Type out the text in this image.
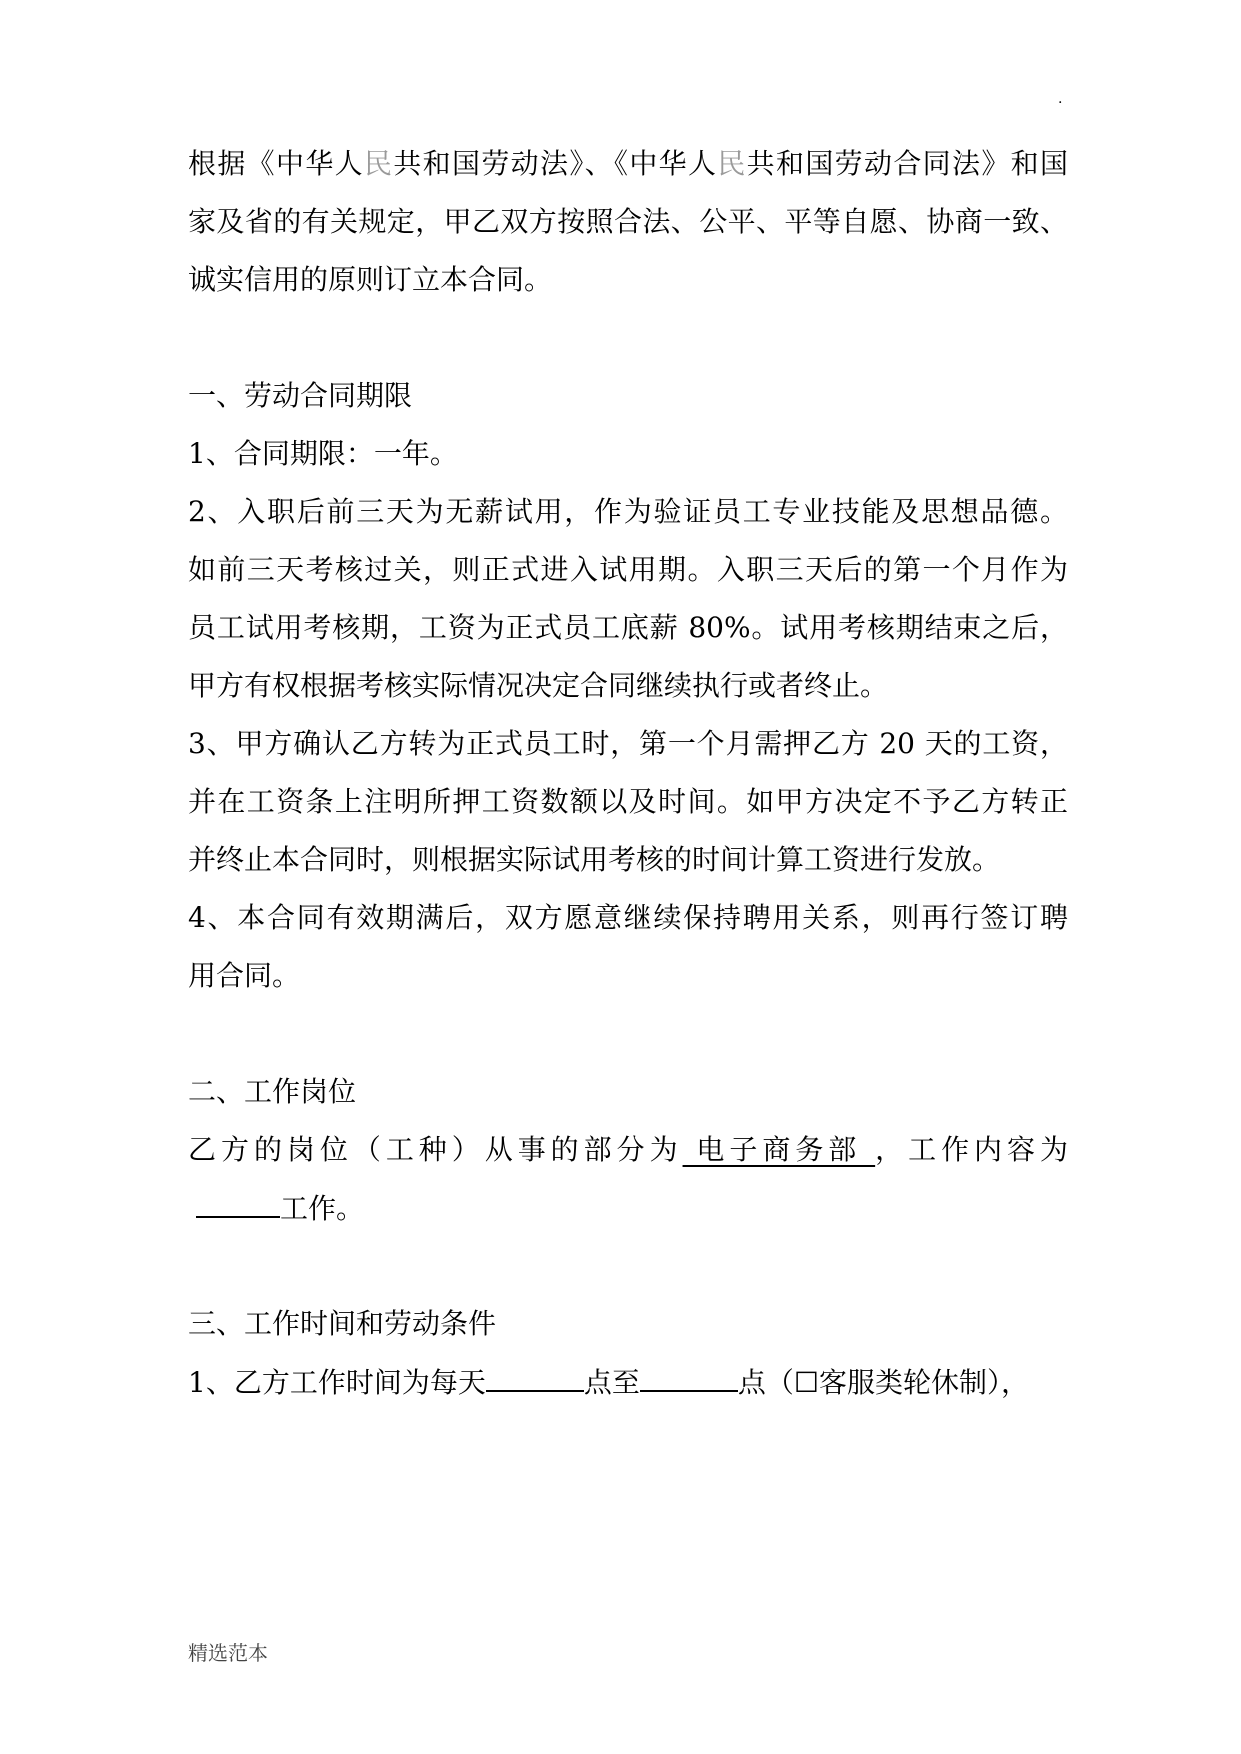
.
根据《中华人民共和国劳动法》、《中华人民共和国劳动合同法》和国
家及省的有关规定，甲乙双方按照合法、公平、平等自愿、协商一致、
诚实信用的原则订立本合同。
一、劳动合同期限
1、合同期限：一年。
2、入职后前三天为无薪试用，作为验证员工专业技能及思想品德。
如前三天考核过关，则正式进入试用期。入职三天后的第一个月作为
员工试用考核期，工资为正式员工底薪 80%。试用考核期结束之后，
甲方有权根据考核实际情况决定合同继续执行或者终止。
3、甲方确认乙方转为正式员工时，第一个月需押乙方 20 天的工资，
并在工资条上注明所押工资数额以及时间。如甲方决定不予乙方转正
并终止本合同时，则根据实际试用考核的时间计算工资进行发放。
4、本合同有效期满后，双方愿意继续保持聘用关系，则再行签订聘
用合同。
二、工作岗位
乙方的岗位（工种）从事的部分为 电子商务部 ，工作内容为
工作。
三、工作时间和劳动条件
1、乙方工作时间为每天	点至	点（☐客服类轮休制），
精选范本
